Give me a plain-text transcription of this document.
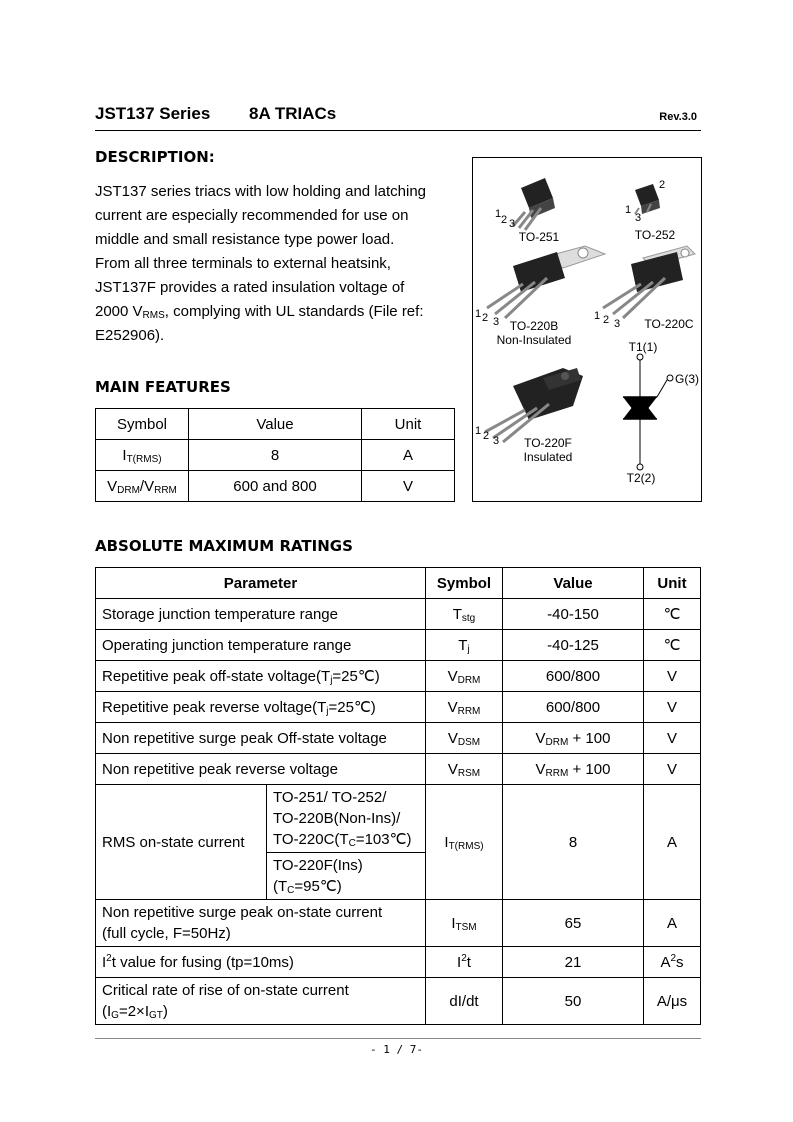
JST137 Series 8A TRIACs	Rev.3.0
DESCRIPTION:
JST137 series triacs with low holding and latching
current are especially recommended for use on
middle and small resistance type power load.
From all three terminals to external heatsink,
JST137F provides a rated insulation voltage of
2000 $V_{RMS}$, complying with UL standards (File ref:
E252906).
1 2 3
TO-251
2
1
3
TO-252
1 2 3 TO-220B
Non-Insulated
1 2 3 TO-220C
1 2 3	TO-220F
Insulated
T1(1)
G(3)
T2(2)
MAIN FEATURES
Symbol	Value	Unit
$I_{T(RMS)}$	8	A
$V_{DRM}/V_{RRM}$	600 and 800	V
ABSOLUTE MAXIMUM RATINGS
Parameter		Symbol	Value	Unit
Storage junction temperature range		$T_{stg}$	-40-150	℃
Operating junction temperature range		$T_j$	-40-125	℃
Repetitive peak off-state $voltage(T_j=25℃)$		$V_{DRM}$	600/800	V
Repetitive peak reverse $voltage(T_j=25℃)$		$V_{RRM}$	600/800	V
Non repetitive surge peak Off-state voltage		$V_{DSM}$	$V_{DRM} + 100$	V
Non repetitive peak reverse voltage		$V_{RSM}$	$V_{RRM} + 100$	V
RMS on-state current	TO-251/ TO-252/
TO-220B(Non-Ins)/
$TO-220C(T_C=103℃)$	$I_{T(RMS)}$	8	A

	TO-220F(Ins)
$(T_C=95℃)$			

Non repetitive surge peak on-state current
(full cycle, F=50Hz)		$I_{TSM}$	65	A
$I^2t$ value for fusing (tp=10ms)		$I^2t$	21	$A^2s$

Critical rate of rise of on-state current
$(I_G=2\times I_{GT})$		dI/dt	50	A/μs
- 1 / 7-
